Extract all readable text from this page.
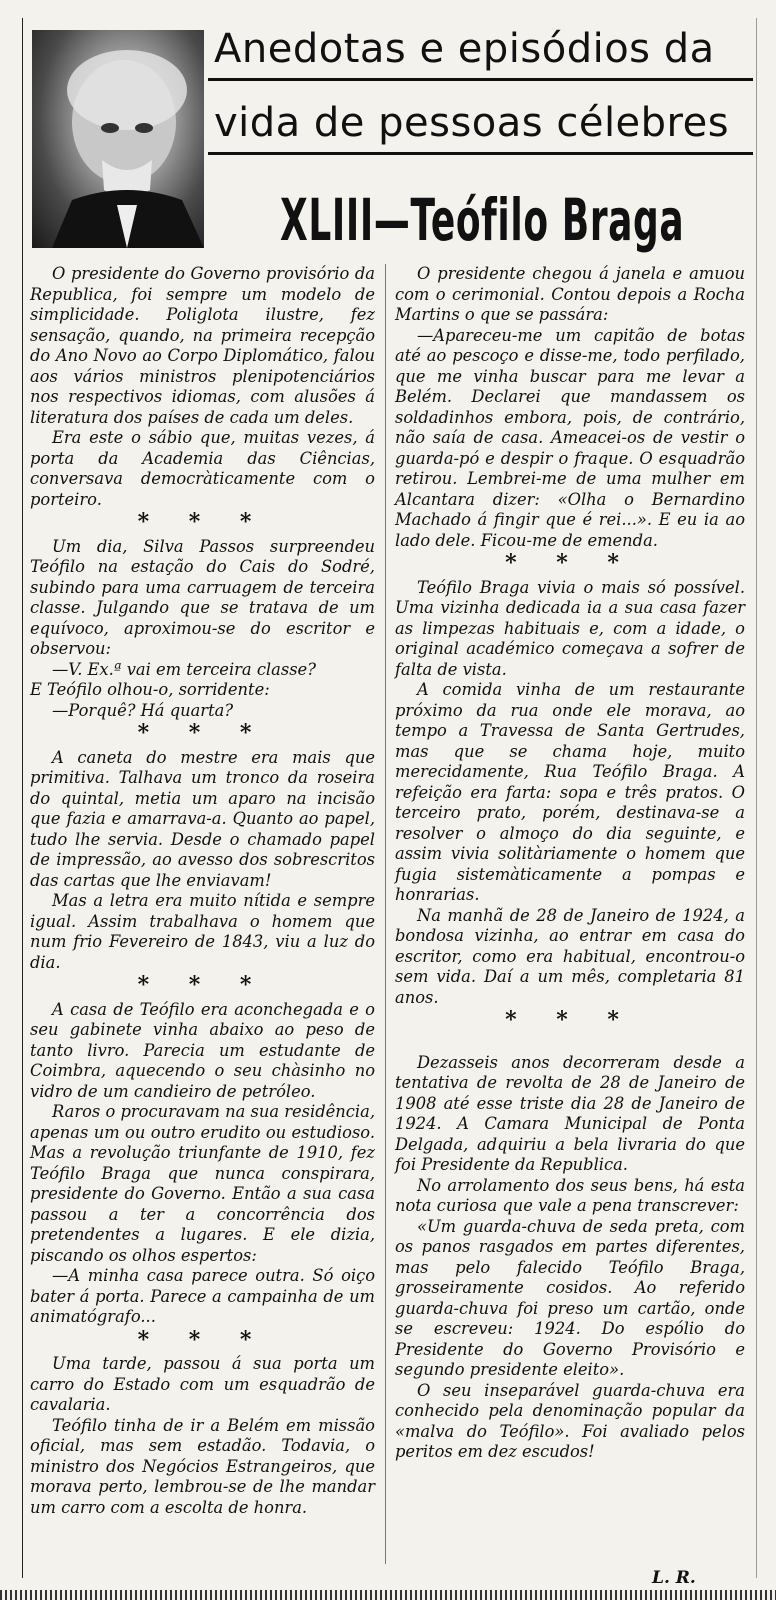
Anedotas e episódios da
vida de pessoas célebres
XLIII—Teófilo Braga

O presidente do Governo provisório da Republica, foi sempre um modelo de simplicidade. Poliglota ilustre, fez sensação, quando, na primeira recepção do Ano Novo ao Corpo Diplomático, falou aos vários ministros plenipotenciários nos respectivos idiomas, com alusões á literatura dos países de cada um deles.

Era este o sábio que, muitas vezes, á porta da Academia das Ciências, conversava democràticamente com o porteiro.

* * *

Um dia, Silva Passos surpreendeu Teófilo na estação do Cais do Sodré, subindo para uma carruagem de terceira classe. Julgando que se tratava de um equívoco, aproximou-se do escritor e observou:

—V. Ex.ª vai em terceira classe?

E Teófilo olhou-o, sorridente:

—Porquê? Há quarta?

* * *

A caneta do mestre era mais que primitiva. Talhava um tronco da roseira do quintal, metia um aparo na incisão que fazia e amarrava-a. Quanto ao papel, tudo lhe servia. Desde o chamado papel de impressão, ao avesso dos sobrescritos das cartas que lhe enviavam!

Mas a letra era muito nítida e sempre igual. Assim trabalhava o homem que num frio Fevereiro de 1843, viu a luz do dia.

* * *

A casa de Teófilo era aconchegada e o seu gabinete vinha abaixo ao peso de tanto livro. Parecia um estudante de Coimbra, aquecendo o seu chàsinho no vidro de um candieiro de petróleo.

Raros o procuravam na sua residência, apenas um ou outro erudito ou estudioso. Mas a revolução triunfante de 1910, fez Teófilo Braga que nunca conspirara, presidente do Governo. Então a sua casa passou a ter a concorrência dos pretendentes a lugares. E ele dizia, piscando os olhos espertos:

—A minha casa parece outra. Só oiço bater á porta. Parece a campainha de um animatógrafo...

* * *

Uma tarde, passou á sua porta um carro do Estado com um esquadrão de cavalaria.

Teófilo tinha de ir a Belém em missão oficial, mas sem estadão. Todavia, o ministro dos Negócios Estrangeiros, que morava perto, lembrou-se de lhe mandar um carro com a escolta de honra.

O presidente chegou á janela e amuou com o cerimonial. Contou depois a Rocha Martins o que se passára:

—Apareceu-me um capitão de botas até ao pescoço e disse-me, todo perfilado, que me vinha buscar para me levar a Belém. Declarei que mandassem os soldadinhos embora, pois, de contrário, não saía de casa. Ameacei-os de vestir o guarda-pó e despir o fraque. O esquadrão retirou. Lembrei-me de uma mulher em Alcantara dizer: «Olha o Bernardino Machado á fingir que é rei...». E eu ia ao lado dele. Ficou-me de emenda.

* * *

Teófilo Braga vivia o mais só possível. Uma vizinha dedicada ia a sua casa fazer as limpezas habituais e, com a idade, o original académico começava a sofrer de falta de vista.

A comida vinha de um restaurante próximo da rua onde ele morava, ao tempo a Travessa de Santa Gertrudes, mas que se chama hoje, muito merecidamente, Rua Teófilo Braga. A refeição era farta: sopa e três pratos. O terceiro prato, porém, destinava-se a resolver o almoço do dia seguinte, e assim vivia solitàriamente o homem que fugia sistemàticamente a pompas e honrarias.

Na manhã de 28 de Janeiro de 1924, a bondosa vizinha, ao entrar em casa do escritor, como era habitual, encontrou-o sem vida. Daí a um mês, completaria 81 anos.

* * *

Dezasseis anos decorreram desde a tentativa de revolta de 28 de Janeiro de 1908 até esse triste dia 28 de Janeiro de 1924. A Camara Municipal de Ponta Delgada, adquiriu a bela livraria do que foi Presidente da Republica.

No arrolamento dos seus bens, há esta nota curiosa que vale a pena transcrever:

«Um guarda-chuva de seda preta, com os panos rasgados em partes diferentes, mas pelo falecido Teófilo Braga, grosseiramente cosidos. Ao referido guarda-chuva foi preso um cartão, onde se escreveu: 1924. Do espólio do Presidente do Governo Provisório e segundo presidente eleito».

O seu inseparável guarda-chuva era conhecido pela denominação popular da «malva do Teófilo». Foi avaliado pelos peritos em dez escudos!

L. R.
